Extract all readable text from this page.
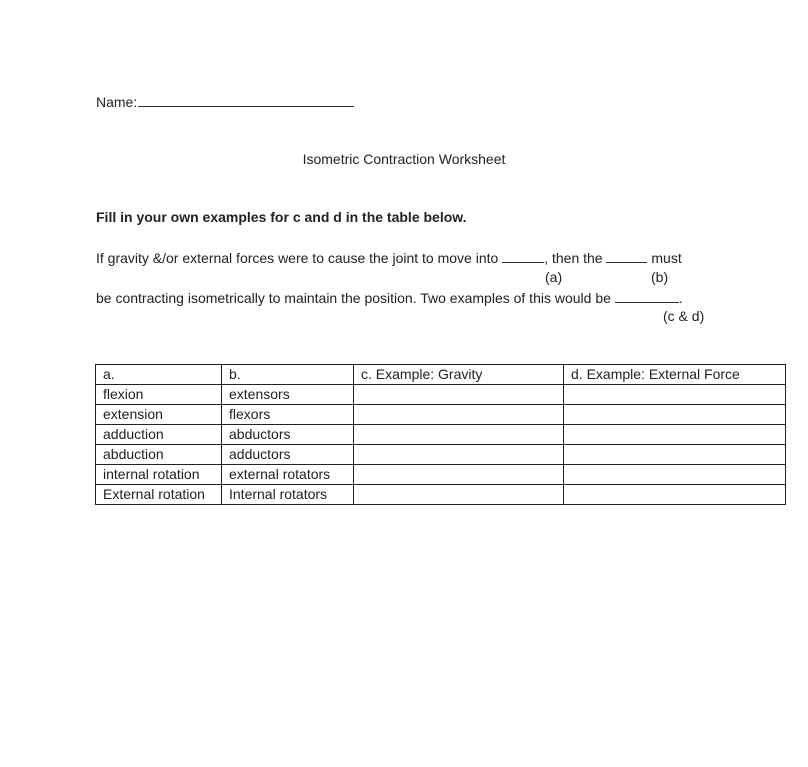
Name:
Isometric Contraction Worksheet
Fill in your own examples for c and d in the table below.
If gravity &/or external forces were to cause the joint to move into	, then the	must
(a)	(b)
be contracting isometrically to maintain the position. Two examples of this would be	.
(c & d)
a.	b.	c. Example: Gravity	d. Example: External Force
flexion	extensors		
extension	flexors		
adduction	abductors		
abduction	adductors		
internal rotation	external rotators		
External rotation	Internal rotators		
